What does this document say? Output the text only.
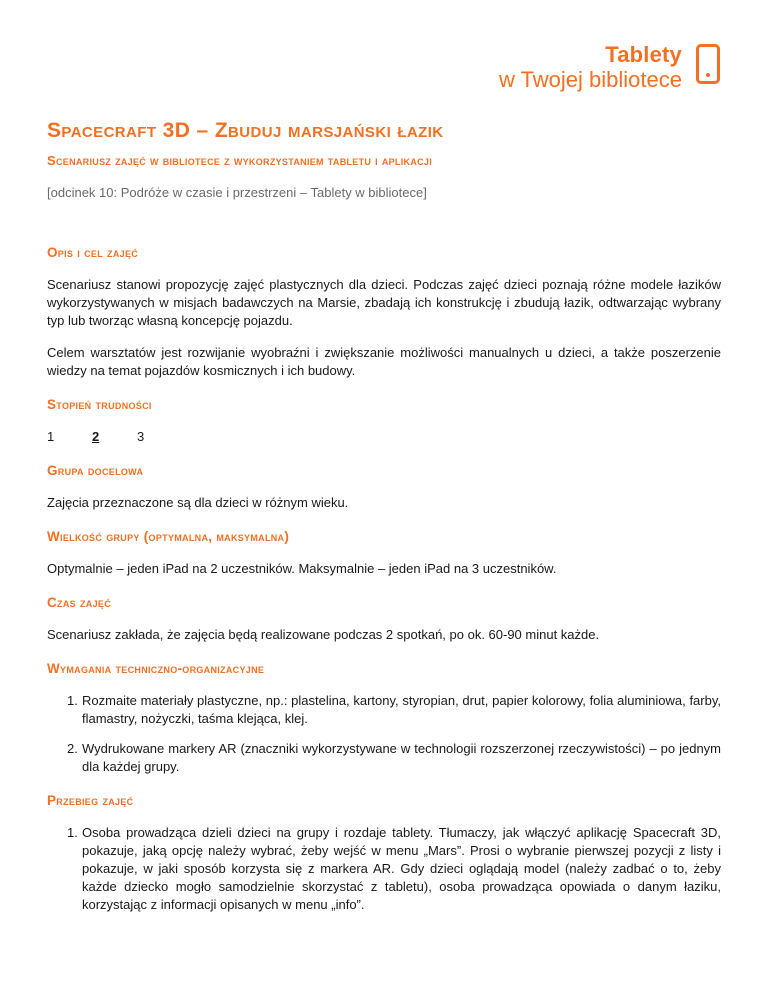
Tablety
w Twojej bibliotece
Spacecraft 3D – Zbuduj marsjański łazik
Scenariusz zajęć w bibliotece z wykorzystaniem tabletu i aplikacji
[odcinek 10: Podróże w czasie i przestrzeni – Tablety w bibliotece]
Opis i cel zajęć

Scenariusz stanowi propozycję zajęć plastycznych dla dzieci. Podczas zajęć dzieci poznają różne modele łazików wykorzystywanych w misjach badawczych na Marsie, zbadają ich konstrukcję i zbudują łazik, odtwarzając wybrany typ lub tworząc własną koncepcję pojazdu.

Celem warsztatów jest rozwijanie wyobraźni i zwiększanie możliwości manualnych u dzieci, a także poszerzenie wiedzy na temat pojazdów kosmicznych i ich budowy.

Stopień trudności
1	2	3
Grupa docelowa

Zajęcia przeznaczone są dla dzieci w różnym wieku.

Wielkość grupy (optymalna, maksymalna)

Optymalnie – jeden iPad na 2 uczestników. Maksymalnie – jeden iPad na 3 uczestników.

Czas zajęć

Scenariusz zakłada, że zajęcia będą realizowane podczas 2 spotkań, po ok. 60-90 minut każde.

Wymagania techniczno-organizacyjne
1. Rozmaite materiały plastyczne, np.: plastelina, kartony, styropian, drut, papier kolorowy, folia aluminiowa, farby, flamastry, nożyczki, taśma klejąca, klej.
2. Wydrukowane markery AR (znaczniki wykorzystywane w technologii rozszerzonej rzeczywistości) – po jednym dla każdej grupy.
Przebieg zajęć
1. Osoba prowadząca dzieli dzieci na grupy i rozdaje tablety. Tłumaczy, jak włączyć aplikację Spacecraft 3D, pokazuje, jaką opcję należy wybrać, żeby wejść w menu „Mars”. Prosi o wybranie pierwszej pozycji z listy i pokazuje, w jaki sposób korzysta się z markera AR. Gdy dzieci oglądają model (należy zadbać o to, żeby każde dziecko mogło samodzielnie skorzystać z tabletu), osoba prowadząca opowiada o danym łaziku, korzystając z informacji opisanych w menu „info”.
